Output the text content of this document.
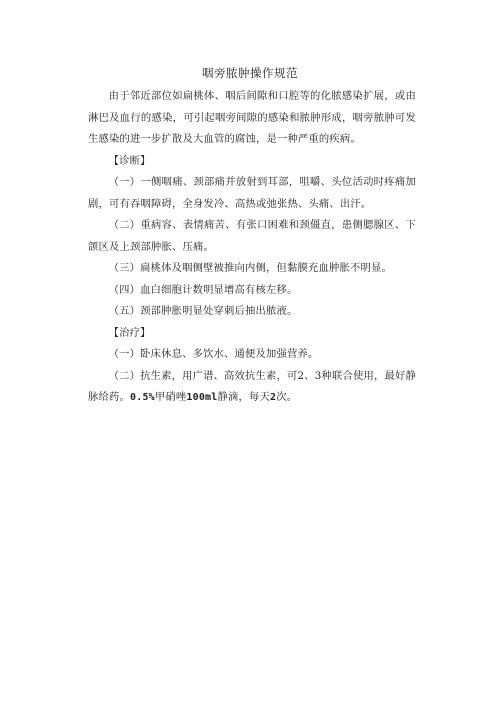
咽旁脓肿操作规范

由于邻近部位如扁桃体、咽后间隙和口腔等的化脓感染扩展，或由淋巴及血行的感染，可引起咽旁间隙的感染和脓肿形成，咽旁脓肿可发生感染的进一步扩散及大血管的腐蚀，是一种严重的疾病。

【诊断】

（一）一侧咽痛、颈部痛并放射到耳部，咀嚼、头位活动时疼痛加剧，可有吞咽障碍，全身发冷、高热或弛张热、头痛、出汗。

（二）重病容、表情痛苦、有张口困难和颈僵直，患侧腮腺区、下颌区及上颈部肿胀、压痛。

（三）扁桃体及咽侧壁被推向内侧，但黏膜充血肿胀不明显。

（四）血白细胞计数明显增高有核左移。

（五）颈部肿胀明显处穿刺后抽出脓液。

【治疗】

（一）卧床休息、多饮水、通便及加强营养。

（二）抗生素，用广谱、高效抗生素，可2、3种联合使用，最好静脉给药。0.5%甲硝唑100ml静滴，每天2次。
